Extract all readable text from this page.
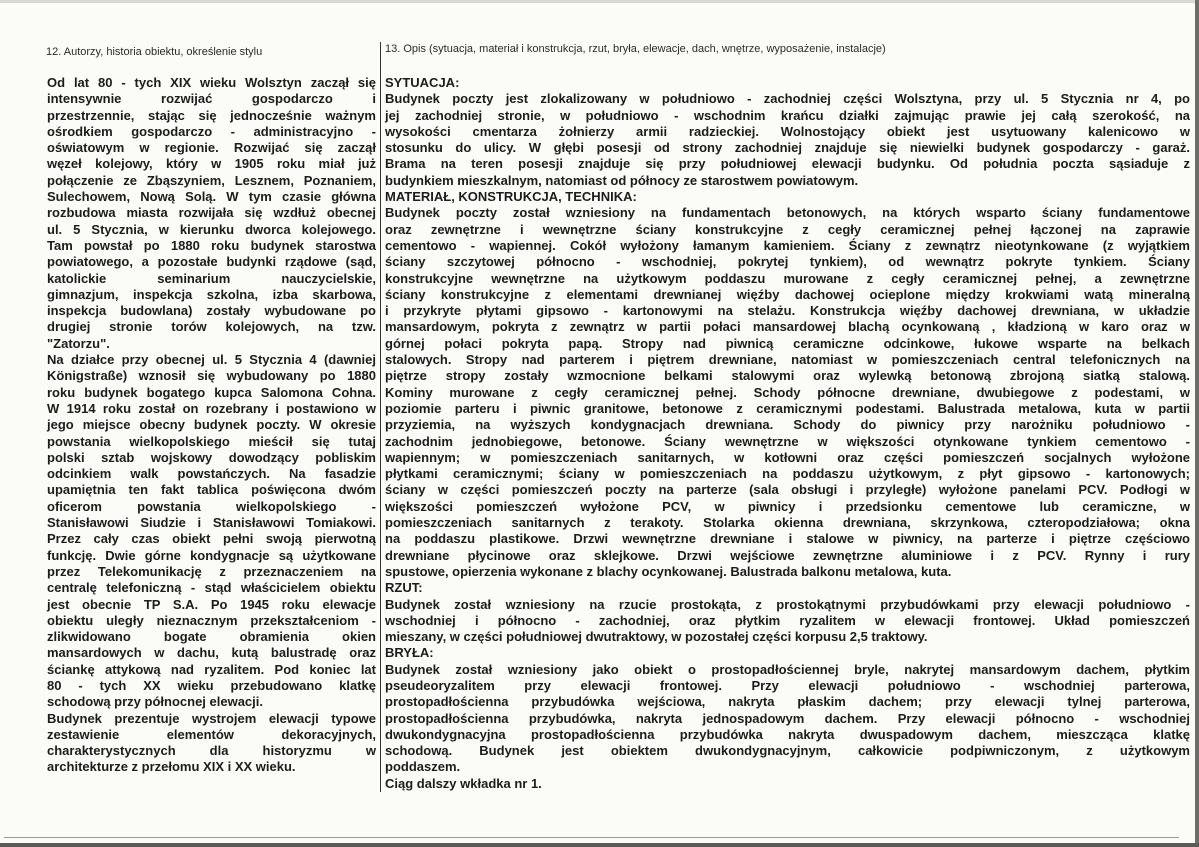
12. Autorzy, historia obiektu, określenie stylu	13. Opis (sytuacja, materiał i konstrukcja, rzut, bryła, elewacje, dach, wnętrze, wyposażenie, instalacje)
Od lat 80 - tych XIX wieku Wolsztyn zaczął się
intensywnie rozwijać gospodarczo i
przestrzennie, stając się jednocześnie ważnym
ośrodkiem gospodarczo - administracyjno -
oświatowym w regionie. Rozwijać się zaczął
węzeł kolejowy, który w 1905 roku miał już
połączenie ze Zbąszyniem, Lesznem, Poznaniem,
Sulechowem, Nową Solą. W tym czasie główna
rozbudowa miasta rozwijała się wzdłuż obecnej
ul. 5 Stycznia, w kierunku dworca kolejowego.
Tam powstał po 1880 roku budynek starostwa
powiatowego, a pozostałe budynki rządowe (sąd,
katolickie seminarium nauczycielskie,
gimnazjum, inspekcja szkolna, izba skarbowa,
inspekcja budowlana) zostały wybudowane po
drugiej stronie torów kolejowych, na tzw.
"Zatorzu".
Na działce przy obecnej ul. 5 Stycznia 4 (dawniej
Königstraße) wznosił się wybudowany po 1880
roku budynek bogatego kupca Salomona Cohna.
W 1914 roku został on rozebrany i postawiono w
jego miejsce obecny budynek poczty. W okresie
powstania wielkopolskiego mieścił się tutaj
polski sztab wojskowy dowodzący pobliskim
odcinkiem walk powstańczych. Na fasadzie
upamiętnia ten fakt tablica poświęcona dwóm
oficerom powstania wielkopolskiego -
Stanisławowi Siudzie i Stanisławowi Tomiakowi.
Przez cały czas obiekt pełni swoją pierwotną
funkcję. Dwie górne kondygnacje są użytkowane
przez Telekomunikację z przeznaczeniem na
centralę telefoniczną - stąd właścicielem obiektu
jest obecnie TP S.A. Po 1945 roku elewacje
obiektu uległy nieznacznym przekształceniom -
zlikwidowano bogate obramienia okien
mansardowych w dachu, kutą balustradę oraz
ściankę attykową nad ryzalitem. Pod koniec lat
80 - tych XX wieku przebudowano klatkę
schodową przy północnej elewacji.
Budynek prezentuje wystrojem elewacji typowe
zestawienie elementów dekoracyjnych,
charakterystycznych dla historyzmu w
architekturze z przełomu XIX i XX wieku.
SYTUACJA:
Budynek poczty jest zlokalizowany w południowo - zachodniej części Wolsztyna, przy ul. 5 Stycznia nr 4, po
jej zachodniej stronie, w południowo - wschodnim krańcu działki zajmując prawie jej całą szerokość, na
wysokości cmentarza żołnierzy armii radzieckiej. Wolnostojący obiekt jest usytuowany kalenicowo w
stosunku do ulicy. W głębi posesji od strony zachodniej znajduje się niewielki budynek gospodarczy - garaż.
Brama na teren posesji znajduje się przy południowej elewacji budynku. Od południa poczta sąsiaduje z
budynkiem mieszkalnym, natomiast od północy ze starostwem powiatowym.
MATERIAŁ, KONSTRUKCJA, TECHNIKA:
Budynek poczty został wzniesiony na fundamentach betonowych, na których wsparto ściany fundamentowe
oraz zewnętrzne i wewnętrzne ściany konstrukcyjne z cegły ceramicznej pełnej łączonej na zaprawie
cementowo - wapiennej. Cokół wyłożony łamanym kamieniem. Ściany z zewnątrz nieotynkowane (z wyjątkiem
ściany szczytowej północno - wschodniej, pokrytej tynkiem), od wewnątrz pokryte tynkiem. Ściany
konstrukcyjne wewnętrzne na użytkowym poddaszu murowane z cegły ceramicznej pełnej, a zewnętrzne
ściany konstrukcyjne z elementami drewnianej więźby dachowej ocieplone między krokwiami watą mineralną
i przykryte płytami gipsowo - kartonowymi na stelażu. Konstrukcja więźby dachowej drewniana, w układzie
mansardowym, pokryta z zewnątrz w partii połaci mansardowej blachą ocynkowaną , kładzioną w karo oraz w
górnej połaci pokryta papą. Stropy nad piwnicą ceramiczne odcinkowe, łukowe wsparte na belkach
stalowych. Stropy nad parterem i piętrem drewniane, natomiast w pomieszczeniach central telefonicznych na
piętrze stropy zostały wzmocnione belkami stalowymi oraz wylewką betonową zbrojoną siatką stalową.
Kominy murowane z cegły ceramicznej pełnej. Schody północne drewniane, dwubiegowe z podestami, w
poziomie parteru i piwnic granitowe, betonowe z ceramicznymi podestami. Balustrada metalowa, kuta w partii
przyziemia, na wyższych kondygnacjach drewniana. Schody do piwnicy przy narożniku południowo -
zachodnim jednobiegowe, betonowe. Ściany wewnętrzne w większości otynkowane tynkiem cementowo -
wapiennym; w pomieszczeniach sanitarnych, w kotłowni oraz części pomieszczeń socjalnych wyłożone
płytkami ceramicznymi; ściany w pomieszczeniach na poddaszu użytkowym, z płyt gipsowo - kartonowych;
ściany w części pomieszczeń poczty na parterze (sala obsługi i przyległe) wyłożone panelami PCV. Podłogi w
większości pomieszczeń wyłożone PCV, w piwnicy i przedsionku cementowe lub ceramiczne, w
pomieszczeniach sanitarnych z terakoty. Stolarka okienna drewniana, skrzynkowa, czteropodziałowa; okna
na poddaszu plastikowe. Drzwi wewnętrzne drewniane i stalowe w piwnicy, na parterze i piętrze częściowo
drewniane płycinowe oraz sklejkowe. Drzwi wejściowe zewnętrzne aluminiowe i z PCV. Rynny i rury
spustowe, opierzenia wykonane z blachy ocynkowanej. Balustrada balkonu metalowa, kuta.
RZUT:
Budynek został wzniesiony na rzucie prostokąta, z prostokątnymi przybudówkami przy elewacji południowo -
wschodniej i północno - zachodniej, oraz płytkim ryzalitem w elewacji frontowej. Układ pomieszczeń
mieszany, w części południowej dwutraktowy, w pozostałej części korpusu 2,5 traktowy.
BRYŁA:
Budynek został wzniesiony jako obiekt o prostopadłościennej bryle, nakrytej mansardowym dachem, płytkim
pseudeoryzalitem przy elewacji frontowej. Przy elewacji południowo - wschodniej parterowa,
prostopadłościenna przybudówka wejściowa, nakryta płaskim dachem; przy elewacji tylnej parterowa,
prostopadłościenna przybudówka, nakryta jednospadowym dachem. Przy elewacji północno - wschodniej
dwukondygnacyjna prostopadłościenna przybudówka nakryta dwuspadowym dachem, mieszcząca klatkę
schodową. Budynek jest obiektem dwukondygnacyjnym, całkowicie podpiwniczonym, z użytkowym
poddaszem.
Ciąg dalszy wkładka nr 1.
